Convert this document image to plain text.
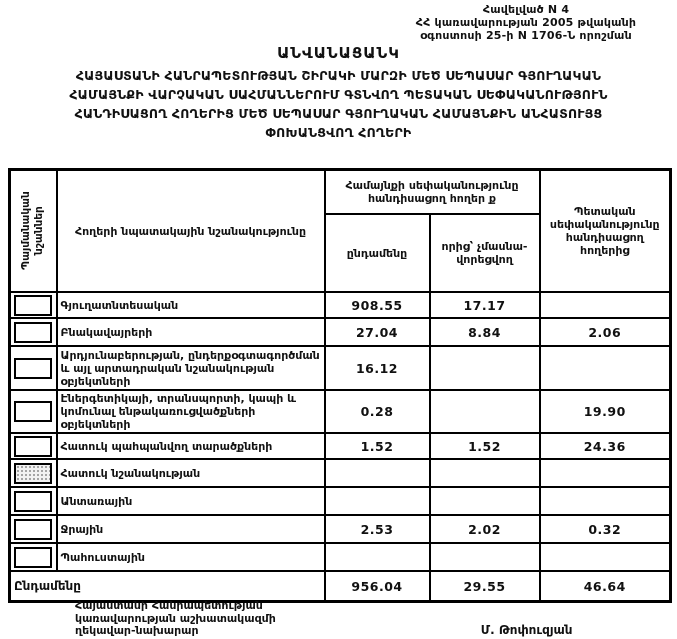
Հավելված N 4
ՀՀ կառավարության 2005 թվականի
օգոստոսի 25-ի N 1706-Ն որոշման
ԱՆՎԱՆԱՑԱՆԿ
ՀԱՅԱՍՏԱՆԻ ՀԱՆՐԱՊԵՏՈՒԹՅԱՆ ՇԻՐԱԿԻ ՄԱՐԶԻ ՄԵԾ ՍԵՊԱՍԱՐ ԳՅՈՒՂԱԿԱՆ
ՀԱՄԱՅՆՔԻ ՎԱՐՉԱԿԱՆ ՍԱՀՄԱՆՆԵՐՈՒՄ ԳՏՆՎՈՂ ՊԵՏԱԿԱՆ ՍԵՓԱԿԱՆՈՒԹՅՈՒՆ
ՀԱՆԴԻՍԱՑՈՂ ՀՈՂԵՐԻՑ ՄԵԾ ՍԵՊԱՍԱՐ ԳՅՈՒՂԱԿԱՆ ՀԱՄԱՅՆՔԻՆ ԱՆՀԱՏՈՒՅՑ
ՓՈԽԱՆՑՎՈՂ ՀՈՂԵՐԻ
Պայմանական նշաններ	Հողերի նպատակային նշանակությունը	Համայնքի սեփականությունը հանդիսացող հողեր ք		Պետական սեփականությունը հանդիսացող հողերից
		ընդամենը	որից՝ չմասնա-վորեցվող	
	Գյուղատնտեսական	908.55	17.17	
	Բնակավայրերի	27.04	8.84	2.06
	Արդյունաբերության, ընդերքօգտագործման և այլ արտադրական նշանակության օբյեկտների	16.12		
	Էներգետիկայի, տրանսպորտի, կապի և կոմունալ ենթակառուցվածքների օբյեկտների	0.28		19.90
	Հատուկ պահպանվող տարածքների	1.52	1.52	24.36
	Հատուկ նշանակության			
	Անտառային			
	Ջրային	2.53	2.02	0.32
	Պահուստային			
Ընդամենը		956.04	29.55	46.64
Հայաստանի Հանրապետության
կառավարության աշխատակազմի
ղեկավար-նախարար	Մ. Թոփուզյան
